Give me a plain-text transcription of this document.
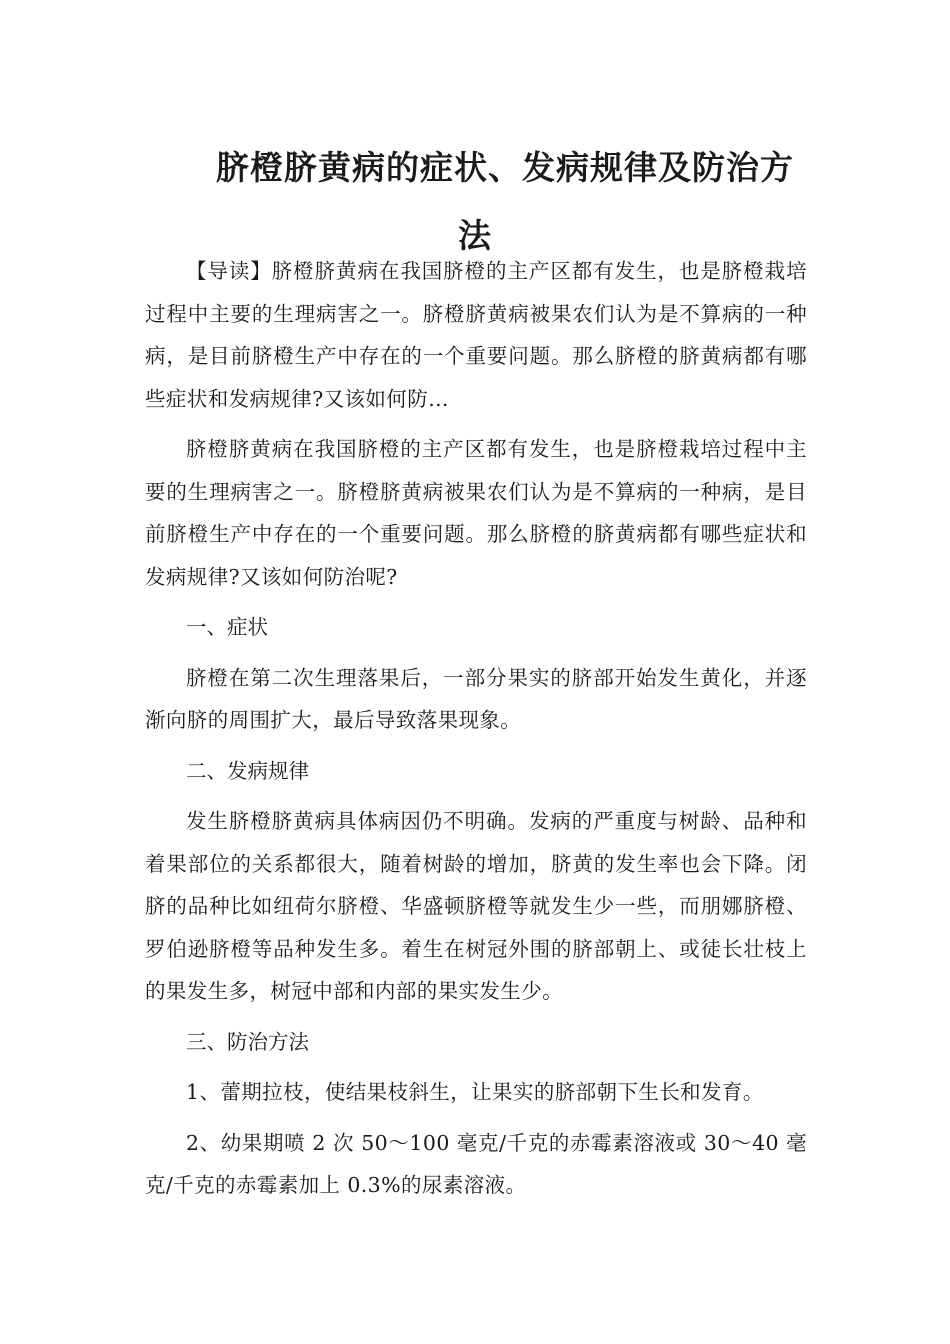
脐橙脐黄病的症状、发病规律及防治方法

【导读】脐橙脐黄病在我国脐橙的主产区都有发生，也是脐橙栽培过程中主要的生理病害之一。脐橙脐黄病被果农们认为是不算病的一种病，是目前脐橙生产中存在的一个重要问题。那么脐橙的脐黄病都有哪些症状和发病规律?又该如何防…

脐橙脐黄病在我国脐橙的主产区都有发生，也是脐橙栽培过程中主要的生理病害之一。脐橙脐黄病被果农们认为是不算病的一种病，是目前脐橙生产中存在的一个重要问题。那么脐橙的脐黄病都有哪些症状和发病规律?又该如何防治呢?

一、症状

脐橙在第二次生理落果后，一部分果实的脐部开始发生黄化，并逐渐向脐的周围扩大，最后导致落果现象。

二、发病规律

发生脐橙脐黄病具体病因仍不明确。发病的严重度与树龄、品种和着果部位的关系都很大，随着树龄的增加，脐黄的发生率也会下降。闭脐的品种比如纽荷尔脐橙、华盛顿脐橙等就发生少一些，而朋娜脐橙、罗伯逊脐橙等品种发生多。着生在树冠外围的脐部朝上、或徒长壮枝上的果发生多，树冠中部和内部的果实发生少。

三、防治方法

1、蕾期拉枝，使结果枝斜生，让果实的脐部朝下生长和发育。

2、幼果期喷 2 次 50～100 毫克/千克的赤霉素溶液或 30～40 毫克/千克的赤霉素加上 0.3%的尿素溶液。
